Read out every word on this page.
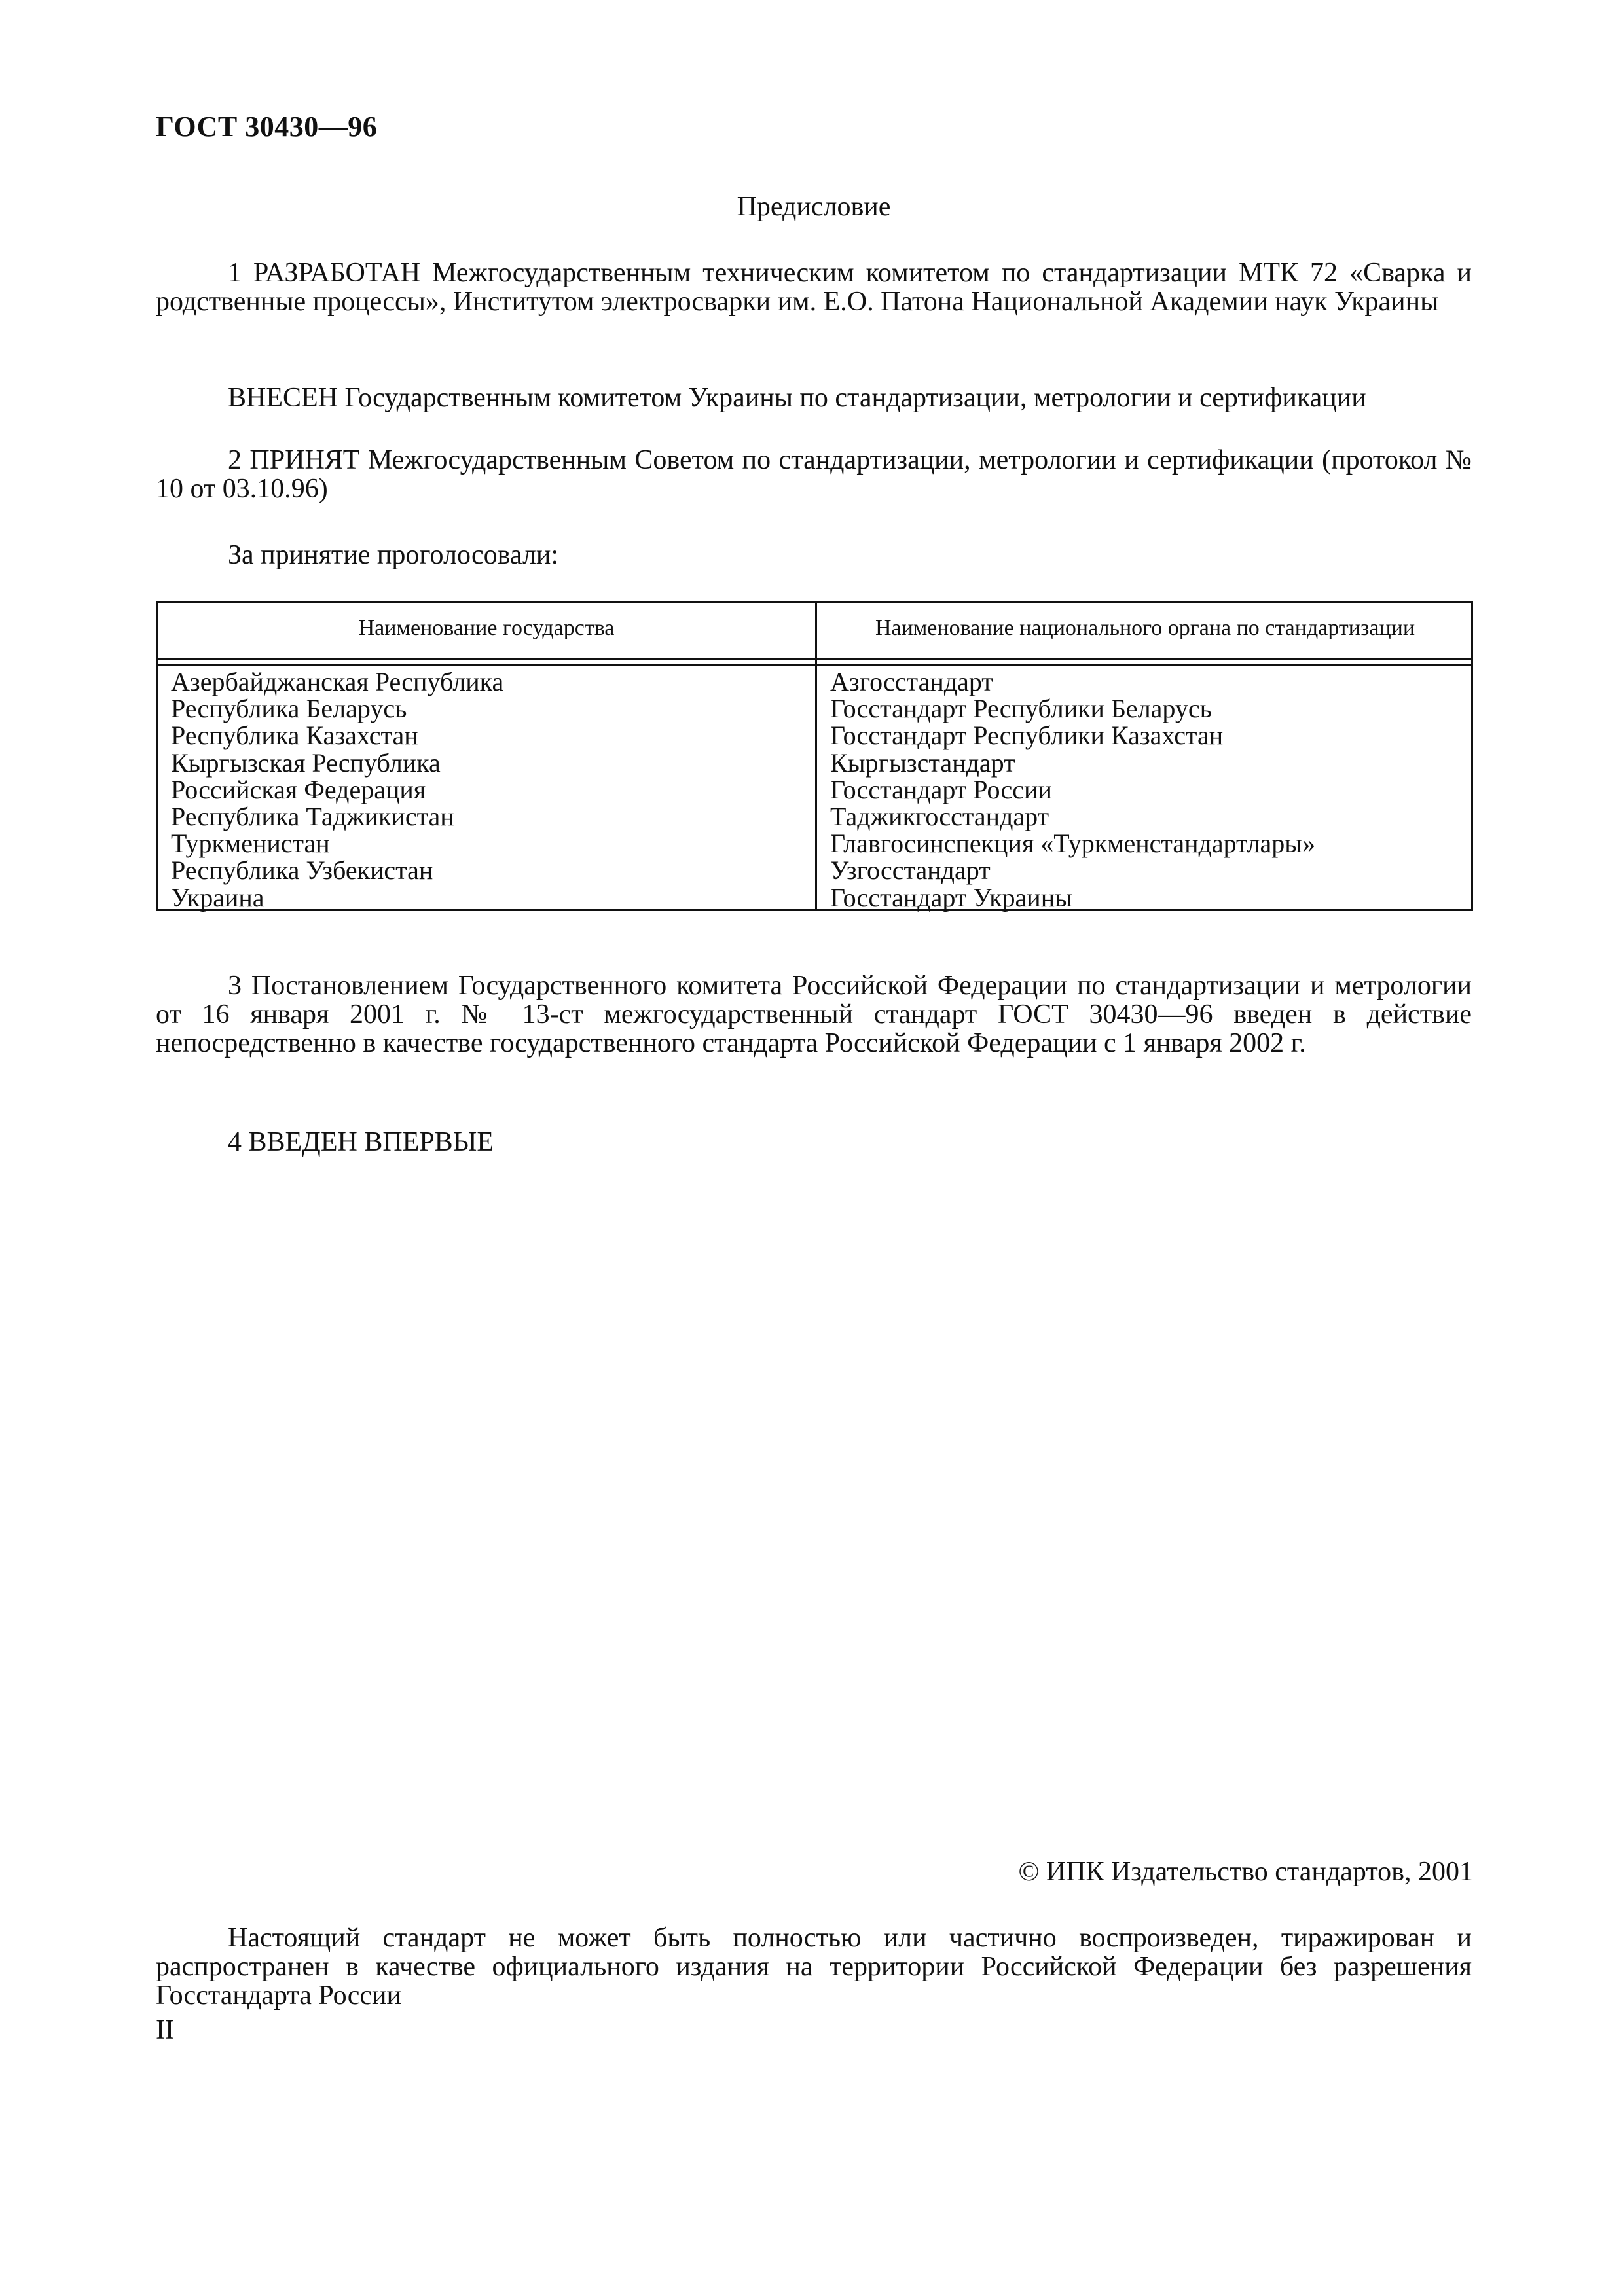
ГОСТ 30430—96
Предисловие

1 РАЗРАБОТАН Межгосударственным техническим комитетом по стандартизации МТК 72 «Сварка и родственные процессы», Институтом электросварки им. Е.О. Патона Национальной Академии наук Украины

ВНЕСЕН Государственным комитетом Украины по стандартизации, метрологии и сертификации

2 ПРИНЯТ Межгосударственным Советом по стандартизации, метрологии и сертификации (протокол № 10 от 03.10.96)

За принятие проголосовали:

Наименование государства	Наименование национального органа по стандартизации
Азербайджанская Республика	Азгосстандарт
Республика Беларусь	Госстандарт Республики Беларусь
Республика Казахстан	Госстандарт Республики Казахстан
Кыргызская Республика	Кыргызстандарт
Российская Федерация	Госстандарт России
Республика Таджикистан	Таджикгосстандарт
Туркменистан	Главгосинспекция «Туркменстандартлары»
Республика Узбекистан	Узгосстандарт
Украина	Госстандарт Украины

3 Постановлением Государственного комитета Российской Федерации по стандартизации и метрологии от 16 января 2001 г. № 13-ст межгосударственный стандарт ГОСТ 30430—96 введен в действие непосредственно в качестве государственного стандарта Российской Федерации с 1 января 2002 г.

4 ВВЕДЕН ВПЕРВЫЕ

© ИПК Издательство стандартов, 2001

Настоящий стандарт не может быть полностью или частично воспроизведен, тиражирован и распространен в качестве официального издания на территории Российской Федерации без разрешения Госстандарта России

II
